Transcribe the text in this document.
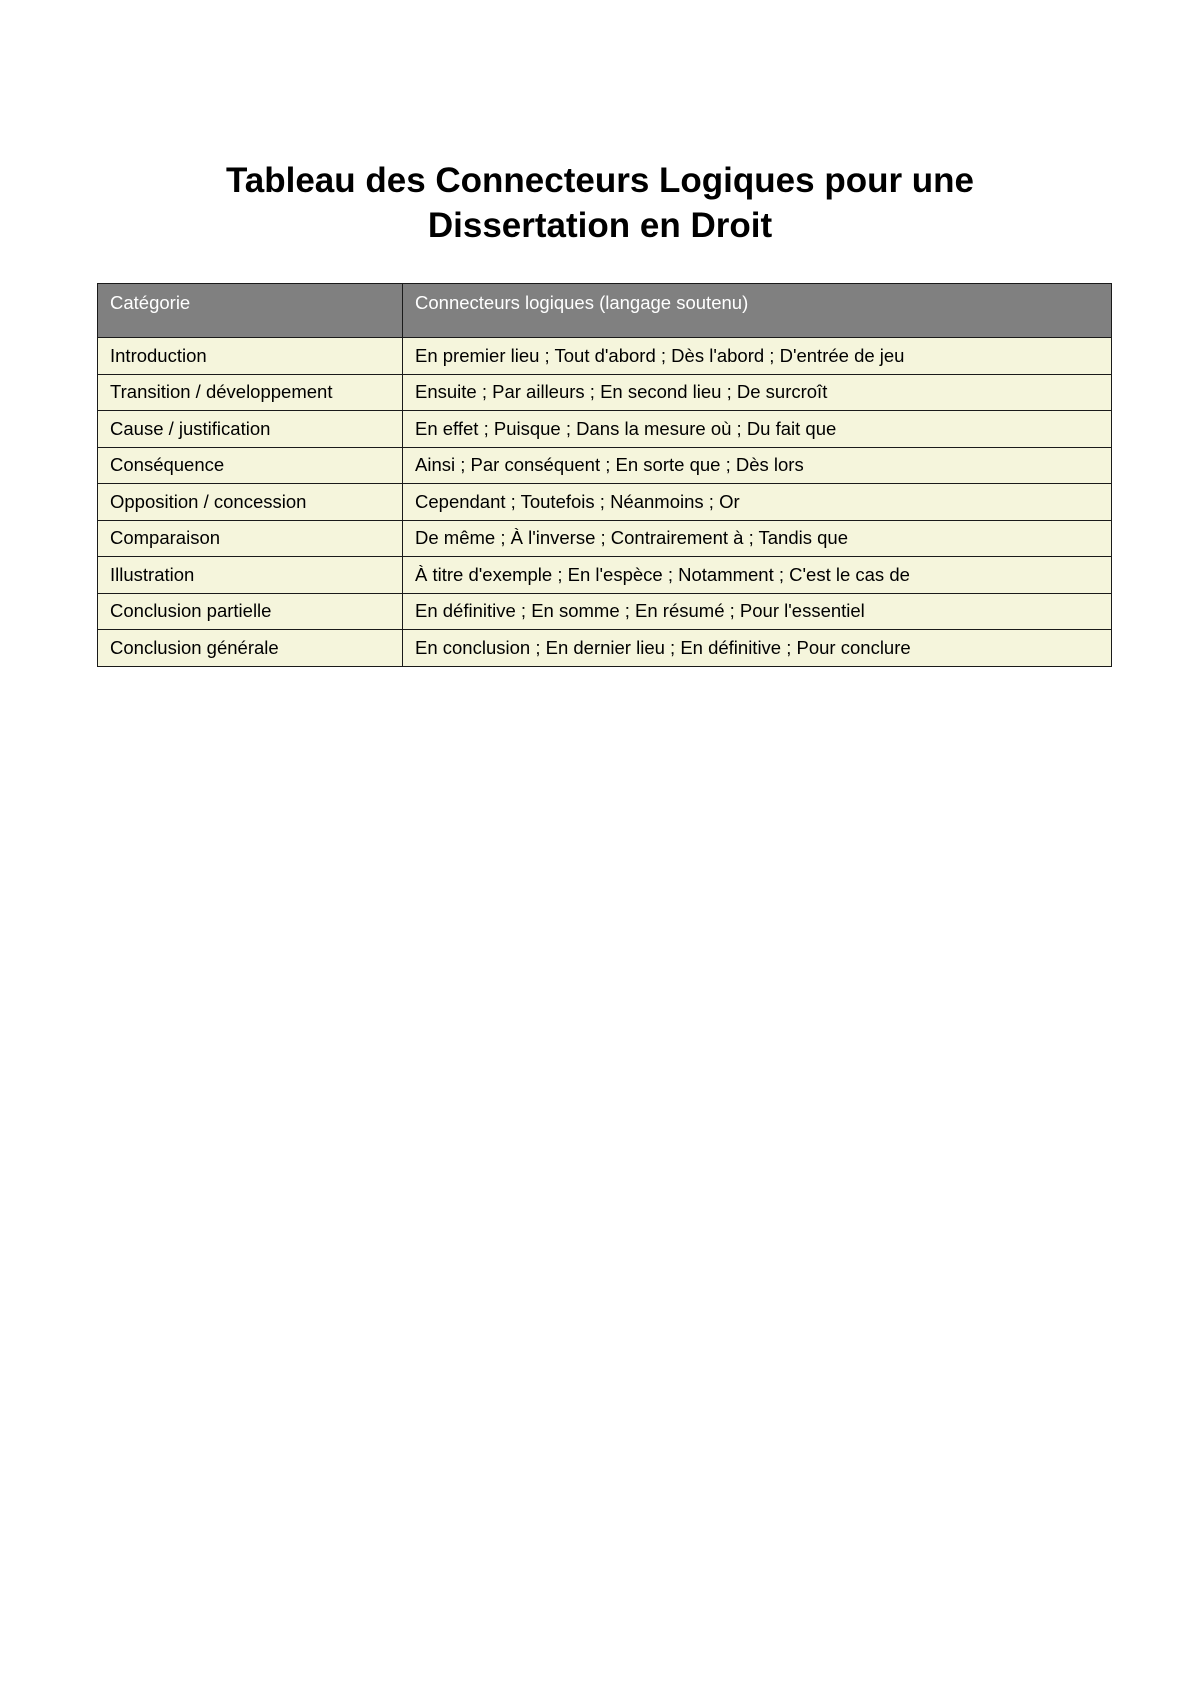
Tableau des Connecteurs Logiques pour une
Dissertation en Droit
Catégorie	Connecteurs logiques (langage soutenu)
Introduction	En premier lieu ; Tout d'abord ; Dès l'abord ; D'entrée de jeu
Transition / développement	Ensuite ; Par ailleurs ; En second lieu ; De surcroît
Cause / justification	En effet ; Puisque ; Dans la mesure où ; Du fait que
Conséquence	Ainsi ; Par conséquent ; En sorte que ; Dès lors
Opposition / concession	Cependant ; Toutefois ; Néanmoins ; Or
Comparaison	De même ; À l'inverse ; Contrairement à ; Tandis que
Illustration	À titre d'exemple ; En l'espèce ; Notamment ; C'est le cas de
Conclusion partielle	En définitive ; En somme ; En résumé ; Pour l'essentiel
Conclusion générale	En conclusion ; En dernier lieu ; En définitive ; Pour conclure
